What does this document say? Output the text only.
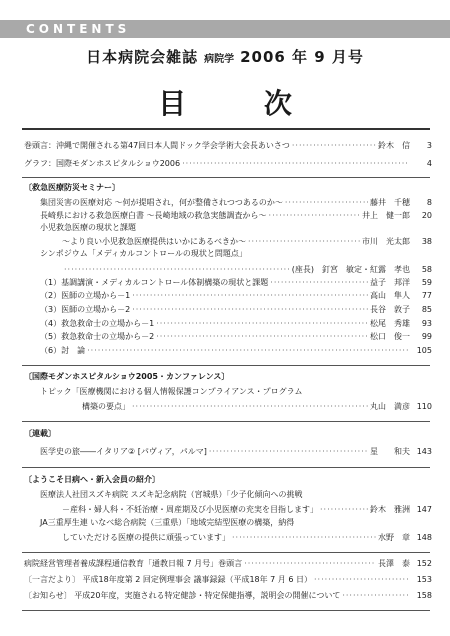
CONTENTS
日本病院会雑誌 病院学 2006 年 9 月号
目 次
巻頭言：沖縄で開催される第47回日本人間ドック学会学術大会長あいさつ ·····	鈴木　信	3
グラフ：国際モダンホスピタルショウ2006 ·····	4
〔救急医療防災セミナー〕
集団災害の医療対応 ～何が提唱され，何が整備されつつあるのか～ ·····	藤井　千穂	8
長崎県における救急医療白書 ～長崎地域の救急実態調査から～ ·····	井上　健一郎	20
小児救急医療の現状と課題
～より良い小児救急医療提供はいかにあるべきか～ ·····	市川　光太郎	38
シンポジウム「メディカルコントロールの現状と問題点」
·····
(座長)　釘宮　敏定・紅露　孝也	58
（1）基調講演・メディカルコントロール体制構築の現状と課題 ·····	益子　邦洋	59
（2）医師の立場から－1 ·····	高山　隼人	77
（3）医師の立場から－2 ·····	長谷　敦子	85
（4）救急救命士の立場から－1 ·····	松尾　秀雄	93
（5）救急救命士の立場から－2 ·····	松口　俊一	99
（6）討　論 ·····	105
〔国際モダンホスピタルショウ2005・カンファレンス〕
トピック「医療機関における個人情報保護コンプライアンス・プログラム
構築の要点」 ·····	丸山　満彦 110
〔連載〕
医学史の旅――イタリア② [パヴィア，パルマ] ·····	星　　和夫 143
〔ようこそ日病へ・新入会員の紹介〕
医療法人社団スズキ病院 スズキ記念病院（宮城県）「少子化傾向への挑戦
－産科・婦人科・不妊治療・周産期及び小児医療の充実を目指します」 ·····	鈴木　雅洲 147
JA三重厚生連 いなべ総合病院（三重県）「地域完結型医療の構築，納得
していただける医療の提供に頑張っています」 ·····	水野　章 148
病院経営管理者養成課程通信教育「通教日報 7 月号」巻頭言 ·····	長澤　泰 152
〔一言だより〕 平成18年度第 2 回定例理事会 議事録録（平成18年 7 月 6 日） ·····	153
〔お知らせ〕 平成20年度，実施される特定健診・特定保健指導，説明会の開催について ·····	158
